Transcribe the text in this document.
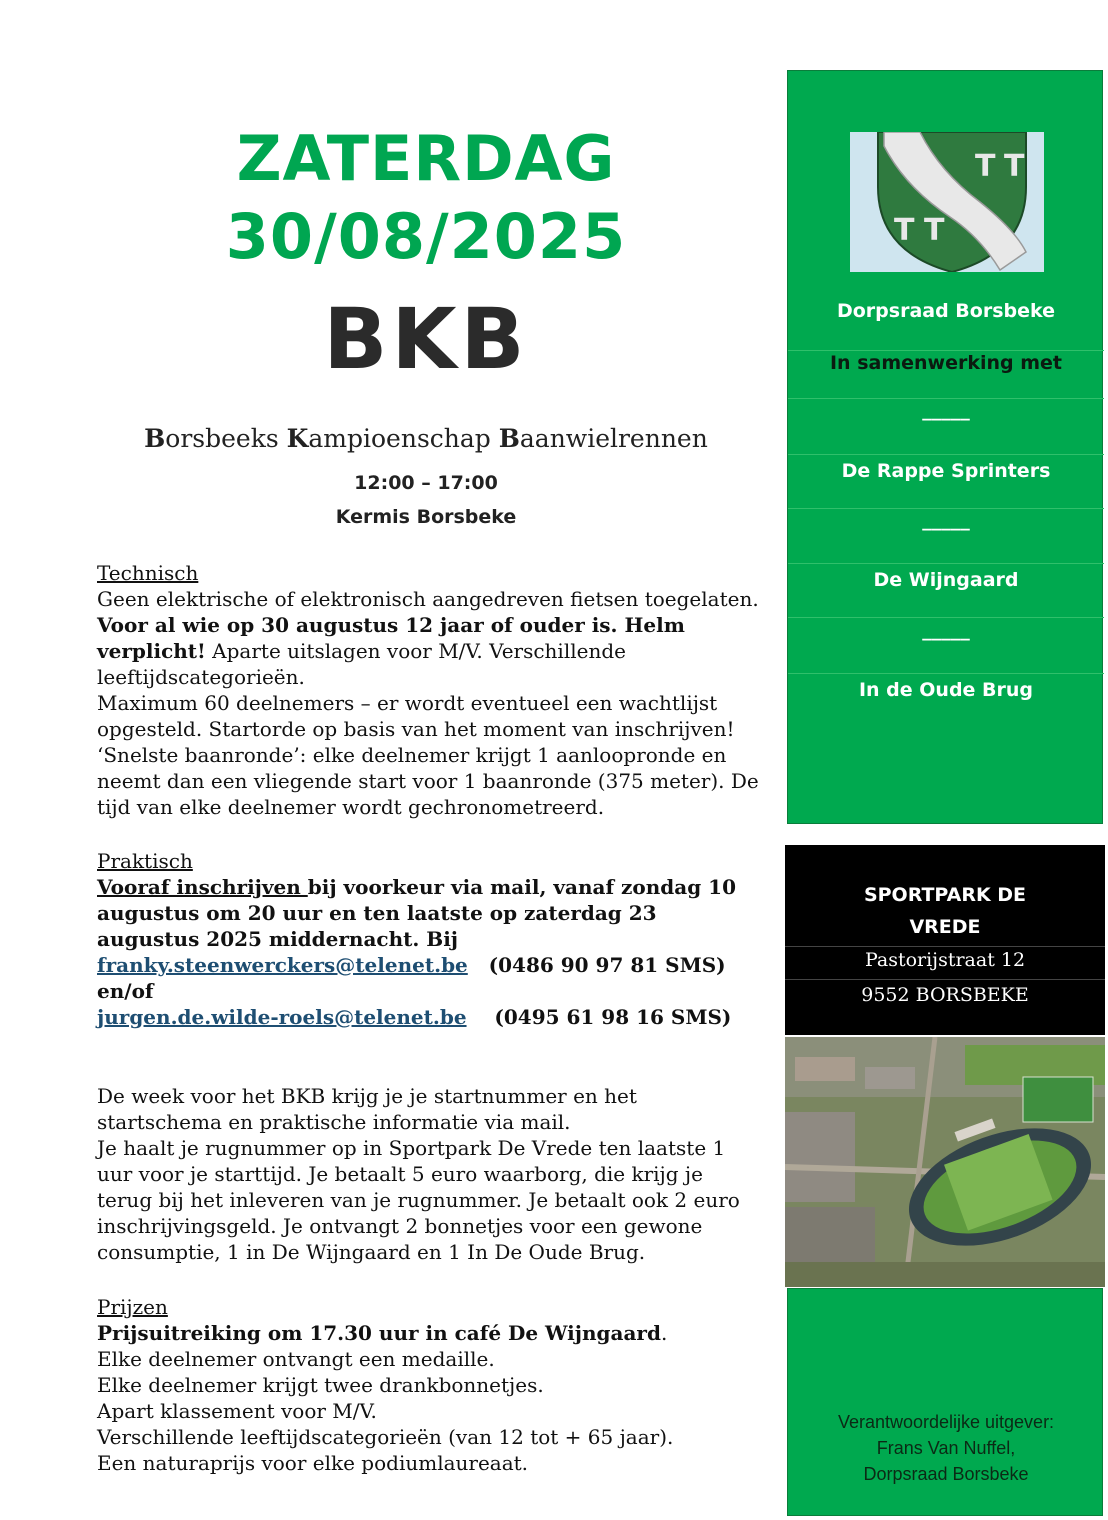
ZATERDAG
30/08/2025
BKB
Borsbeeks Kampioenschap Baanwielrennen
12:00 – 17:00
Kermis Borsbeke

Technisch

Geen elektrische of elektronisch aangedreven fietsen toegelaten.

Voor al wie op 30 augustus 12 jaar of ouder is. Helm verplicht! Aparte uitslagen voor M/V. Verschillende leeftijdscategorieën.

Maximum 60 deelnemers – er wordt eventueel een wachtlijst opgesteld. Startorde op basis van het moment van inschrijven!

‘Snelste baanronde’: elke deelnemer krijgt 1 aanloopronde en neemt dan een vliegende start voor 1 baanronde (375 meter). De tijd van elke deelnemer wordt gechronometreerd.

Praktisch

Vooraf inschrijven bij voorkeur via mail, vanaf zondag 10 augustus om 20 uur en ten laatste op zaterdag 23 augustus 2025 middernacht. Bij

franky.steenwerckers@telenet.be (0486 90 97 81 SMS)

en/of

jurgen.de.wilde-roels@telenet.be (0495 61 98 16 SMS)

De week voor het BKB krijg je je startnummer en het startschema en praktische informatie via mail.

Je haalt je rugnummer op in Sportpark De Vrede ten laatste 1 uur voor je starttijd. Je betaalt 5 euro waarborg, die krijg je terug bij het inleveren van je rugnummer. Je betaalt ook 2 euro inschrijvingsgeld. Je ontvangt 2 bonnetjes voor een gewone consumptie, 1 in De Wijngaard en 1 In De Oude Brug.

Prijzen

Prijsuitreiking om 17.30 uur in café De Wijngaard.

Elke deelnemer ontvangt een medaille.

Elke deelnemer krijgt twee drankbonnetjes.

Apart klassement voor M/V.

Verschillende leeftijdscategorieën (van 12 tot + 65 jaar).

Een naturaprijs voor elke podiumlaureaat.

T T
T T
Dorpsraad Borsbeke
In samenwerking met
_____
De Rappe Sprinters
_____
De Wijngaard
_____
In de Oude Brug
SPORTPARK DE
VREDE
Pastorijstraat 12
9552 BORSBEKE
Verantwoordelijke uitgever:
Frans Van Nuffel,
Dorpsraad Borsbeke
